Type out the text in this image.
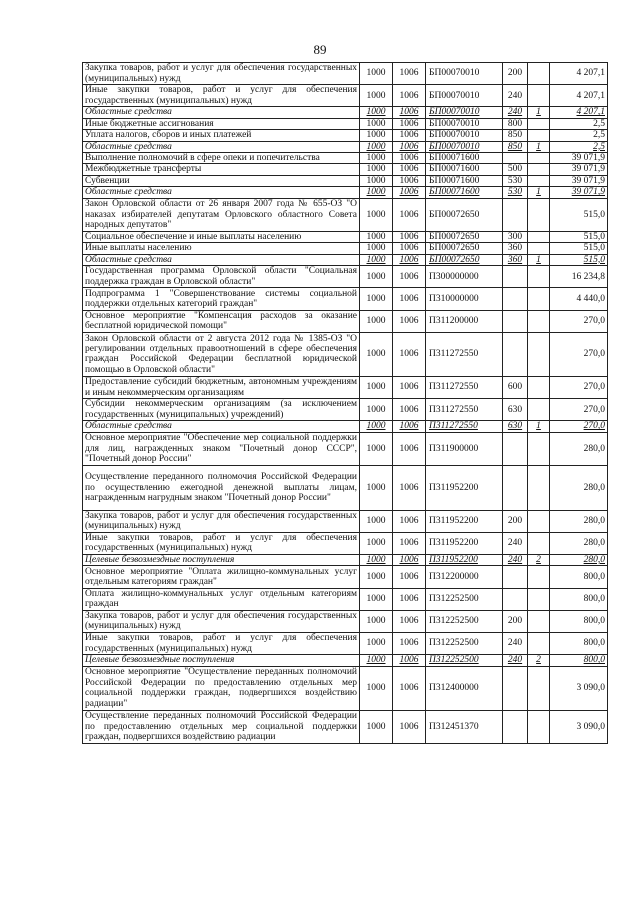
89
Закупка товаров, работ и услуг для обеспечения государственных (муниципальных) нужд	1000	1006	БП00070010	200		4 207,1
Иные закупки товаров, работ и услуг для обеспечения государственных (муниципальных) нужд	1000	1006	БП00070010	240		4 207,1
Областные средства	1000	1006	БП00070010	240	1	4 207,1
Иные бюджетные ассигнования	1000	1006	БП00070010	800		2,5
Уплата налогов, сборов и иных платежей	1000	1006	БП00070010	850		2,5
Областные средства	1000	1006	БП00070010	850	1	2,5
Выполнение полномочий в сфере опеки и попечительства	1000	1006	БП00071600			39 071,9
Межбюджетные трансферты	1000	1006	БП00071600	500		39 071,9
Субвенции	1000	1006	БП00071600	530		39 071,9
Областные средства	1000	1006	БП00071600	530	1	39 071,9
Закон Орловской области от 26 января 2007 года № 655-ОЗ "О наказах избирателей депутатам Орловского областного Совета народных депутатов"	1000	1006	БП00072650			515,0
Социальное обеспечение и иные выплаты населению	1000	1006	БП00072650	300		515,0
Иные выплаты населению	1000	1006	БП00072650	360		515,0
Областные средства	1000	1006	БП00072650	360	1	515,0
Государственная программа Орловской области "Социальная поддержка граждан в Орловской области"	1000	1006	П300000000			16 234,8
Подпрограмма 1 "Совершенствование системы социальной поддержки отдельных категорий граждан"	1000	1006	П310000000			4 440,0
Основное мероприятие "Компенсация расходов за оказание бесплатной юридической помощи"	1000	1006	П311200000			270,0
Закон Орловской области от 2 августа 2012 года № 1385-ОЗ "О регулировании отдельных правоотношений в сфере обеспечения граждан Российской Федерации бесплатной юридической помощью в Орловской области"	1000	1006	П311272550			270,0
Предоставление субсидий бюджетным, автономным учреждениям и иным некоммерческим организациям	1000	1006	П311272550	600		270,0
Субсидии некоммерческим организациям (за исключением государственных (муниципальных) учреждений)	1000	1006	П311272550	630		270,0
Областные средства	1000	1006	П311272550	630	1	270,0
Основное мероприятие "Обеспечение мер социальной поддержки для лиц, награжденных знаком "Почетный донор СССР", "Почетный донор России"	1000	1006	П311900000			280,0
Осуществление переданного полномочия Российской Федерации по осуществлению ежегодной денежной выплаты лицам, награжденным нагрудным знаком "Почетный донор России"	1000	1006	П311952200			280,0
Закупка товаров, работ и услуг для обеспечения государственных (муниципальных) нужд	1000	1006	П311952200	200		280,0
Иные закупки товаров, работ и услуг для обеспечения государственных (муниципальных) нужд	1000	1006	П311952200	240		280,0
Целевые безвозмездные поступления	1000	1006	П311952200	240	2	280,0
Основное мероприятие "Оплата жилищно-коммунальных услуг отдельным категориям граждан"	1000	1006	П312200000			800,0
Оплата жилищно-коммунальных услуг отдельным категориям граждан	1000	1006	П312252500			800,0
Закупка товаров, работ и услуг для обеспечения государственных (муниципальных) нужд	1000	1006	П312252500	200		800,0
Иные закупки товаров, работ и услуг для обеспечения государственных (муниципальных) нужд	1000	1006	П312252500	240		800,0
Целевые безвозмездные поступления	1000	1006	П312252500	240	2	800,0
Основное мероприятие "Осуществление переданных полномочий Российской Федерации по предоставлению отдельных мер социальной поддержки граждан, подвергшихся воздействию радиации"	1000	1006	П312400000			3 090,0
Осуществление переданных полномочий Российской Федерации по предоставлению отдельных мер социальной поддержки граждан, подвергшихся воздействию радиации	1000	1006	П312451370			3 090,0
